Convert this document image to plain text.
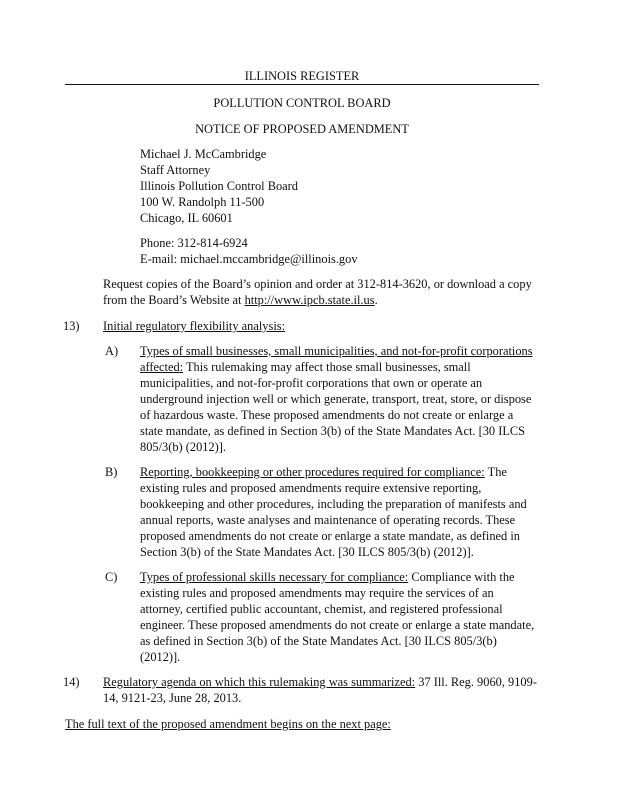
ILLINOIS REGISTER
POLLUTION CONTROL BOARD
NOTICE OF PROPOSED AMENDMENT
Michael J. McCambridge
Staff Attorney
Illinois Pollution Control Board
100 W. Randolph 11-500
Chicago, IL 60601
Phone: 312-814-6924
E-mail: michael.mccambridge@illinois.gov
Request copies of the Board’s opinion and order at 312-814-3620, or download a copy from the Board’s Website at http://www.ipcb.state.il.us.
13)	Initial regulatory flexibility analysis:
A)	Types of small businesses, small municipalities, and not-for-profit corporations affected: This rulemaking may affect those small businesses, small municipalities, and not-for-profit corporations that own or operate an underground injection well or which generate, transport, treat, store, or dispose of hazardous waste. These proposed amendments do not create or enlarge a state mandate, as defined in Section 3(b) of the State Mandates Act. [30 ILCS 805/3(b) (2012)].
B)	Reporting, bookkeeping or other procedures required for compliance: The existing rules and proposed amendments require extensive reporting, bookkeeping and other procedures, including the preparation of manifests and annual reports, waste analyses and maintenance of operating records. These proposed amendments do not create or enlarge a state mandate, as defined in Section 3(b) of the State Mandates Act. [30 ILCS 805/3(b) (2012)].
C)	Types of professional skills necessary for compliance: Compliance with the existing rules and proposed amendments may require the services of an attorney, certified public accountant, chemist, and registered professional engineer. These proposed amendments do not create or enlarge a state mandate, as defined in Section 3(b) of the State Mandates Act. [30 ILCS 805/3(b) (2012)].
14)	Regulatory agenda on which this rulemaking was summarized: 37 Ill. Reg. 9060, 9109-14, 9121-23, June 28, 2013.
The full text of the proposed amendment begins on the next page:
